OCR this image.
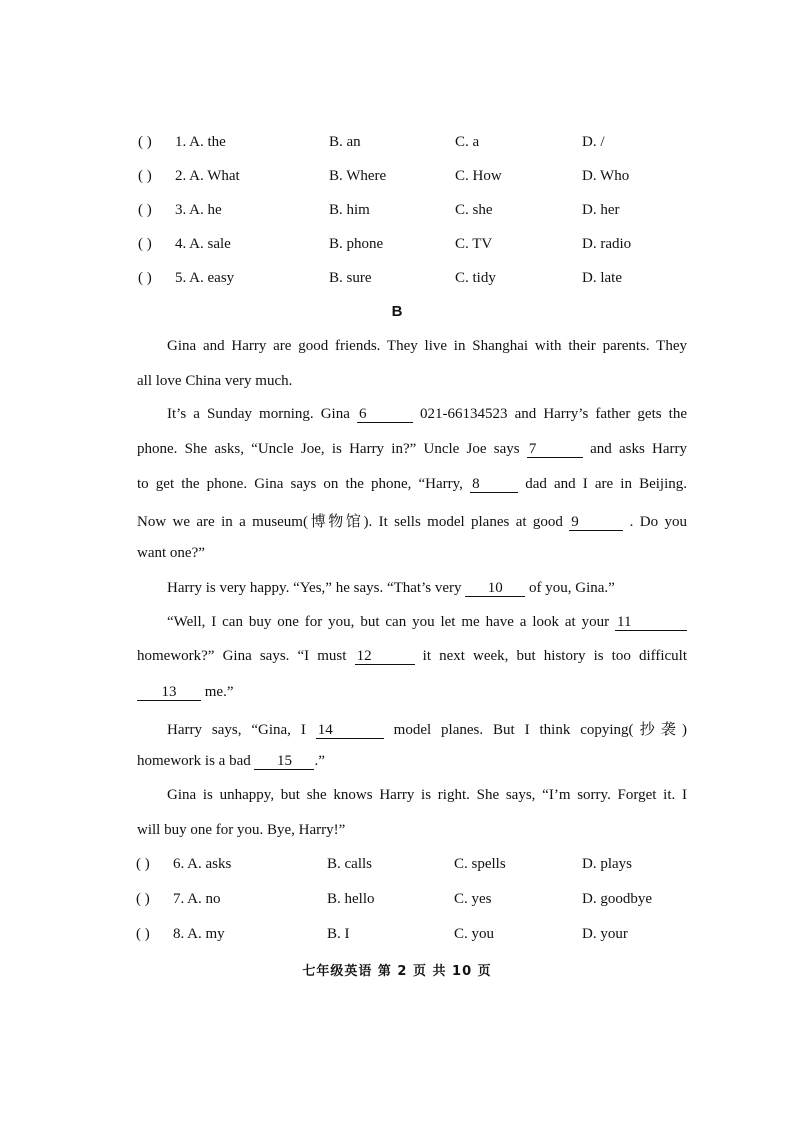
( ) 1. A. the	B. an	C. a	D. /
( ) 2. A. What	B. Where	C. How	D. Who
( ) 3. A. he	B. him	C. she	D. her
( ) 4. A. sale	B. phone	C. TV	D. radio
( ) 5. A. easy	B. sure	C. tidy	D. late
B
Gina and Harry are good friends. They live in Shanghai with their parents. They
all love China very much.
It’s a Sunday morning. Gina 6	021-66134523 and Harry’s father gets the
phone. She asks, “Uncle Joe, is Harry in?” Uncle Joe says 7	and asks Harry
to get the phone. Gina says on the phone, “Harry, 8	dad and I are in Beijing.
Now we are in a museum(博物馆). It sells model planes at good 9	. Do you
want one?”
Harry is very happy. “Yes,” he says. “That’s very 10 of you, Gina.”
“Well, I can buy one for you, but can you let me have a look at your 11
homework?” Gina says. “I must 12	it next week, but history is too difficult
13 me.”
Harry says, “Gina, I 14	model planes. But I think copying(抄袭)
homework is a bad 15 .”
Gina is unhappy, but she knows Harry is right. She says, “I’m sorry. Forget it. I
will buy one for you. Bye, Harry!”
( ) 6. A. asks	B. calls	C. spells	D. plays
( ) 7. A. no	B. hello	C. yes	D. goodbye
( ) 8. A. my	B. I	C. you	D. your
七年级英语 第 2 页 共 10 页
